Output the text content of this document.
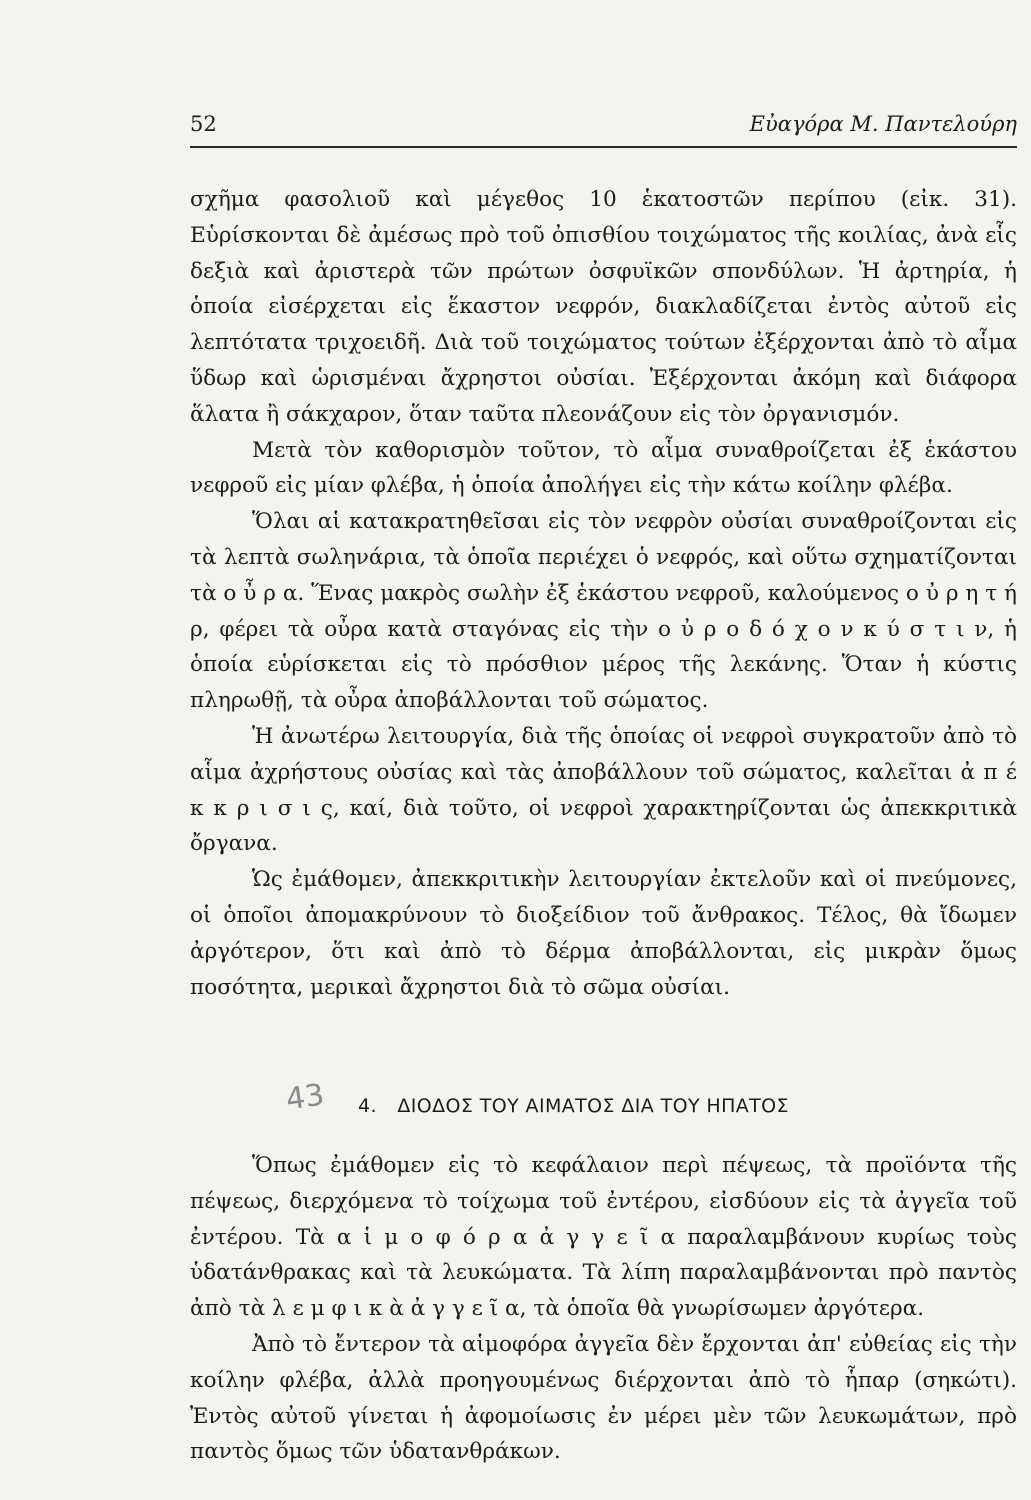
52	Εὐαγόρα Μ. Παντελούρη

σχῆμα φασολιοῦ καὶ μέγεθος 10 ἑκατοστῶν περίπου (εἰκ. 31). Εὑρίσκονται δὲ ἀμέσως πρὸ τοῦ ὀπισθίου τοιχώματος τῆς κοιλίας, ἀνὰ εἷς δεξιὰ καὶ ἀριστερὰ τῶν πρώτων ὀσφυϊκῶν σπονδύλων. Ἡ ἀρτηρία, ἡ ὁποία εἰσέρχεται εἰς ἕκαστον νεφρόν, διακλαδίζεται ἐντὸς αὐτοῦ εἰς λεπτότατα τριχοειδῆ. Διὰ τοῦ τοιχώματος τούτων ἐξέρχονται ἀπὸ τὸ αἷμα ὕδωρ καὶ ὡρισμέναι ἄχρηστοι οὐσίαι. Ἐξέρχονται ἀκόμη καὶ διάφορα ἅλατα ἢ σάκχαρον, ὅταν ταῦτα πλεονάζουν εἰς τὸν ὀργανισμόν.

Μετὰ τὸν καθορισμὸν τοῦτον, τὸ αἷμα συναθροίζεται ἐξ ἑκάστου νεφροῦ εἰς μίαν φλέβα, ἡ ὁποία ἀπολήγει εἰς τὴν κάτω κοίλην φλέβα.

Ὅλαι αἱ κατακρατηθεῖσαι εἰς τὸν νεφρὸν οὐσίαι συναθροίζονται εἰς τὰ λεπτὰ σωληνάρια, τὰ ὁποῖα περιέχει ὁ νεφρός, καὶ οὕτω σχηματίζονται τὰ ο ὖ ρ α. Ἕνας μακρὸς σωλὴν ἐξ ἑκάστου νεφροῦ, καλούμενος ο ὐ ρ η τ ή ρ, φέρει τὰ οὖρα κατὰ σταγόνας εἰς τὴν ο ὐ ρ ο δ ό χ ο ν κ ύ σ τ ι ν, ἡ ὁποία εὑρίσκεται εἰς τὸ πρόσθιον μέρος τῆς λεκάνης. Ὅταν ἡ κύστις πληρωθῇ, τὰ οὖρα ἀποβάλλονται τοῦ σώματος.

Ἡ ἀνωτέρω λειτουργία, διὰ τῆς ὁποίας οἱ νεφροὶ συγκρατοῦν ἀπὸ τὸ αἷμα ἀχρήστους οὐσίας καὶ τὰς ἀποβάλλουν τοῦ σώματος, καλεῖται ἀ π έ κ κ ρ ι σ ι ς, καί, διὰ τοῦτο, οἱ νεφροὶ χαρακτηρίζονται ὡς ἀπεκκριτικὰ ὄργανα.

Ὡς ἐμάθομεν, ἀπεκκριτικὴν λειτουργίαν ἐκτελοῦν καὶ οἱ πνεύμονες, οἱ ὁποῖοι ἀπομακρύνουν τὸ διοξείδιον τοῦ ἄνθρακος. Τέλος, θὰ ἴδωμεν ἀργότερον, ὅτι καὶ ἀπὸ τὸ δέρμα ἀποβάλλονται, εἰς μικρὰν ὅμως ποσότητα, μερικαὶ ἄχρηστοι διὰ τὸ σῶμα οὐσίαι.

43 4. ΔΙΟΔΟΣ ΤΟΥ ΑΙΜΑΤΟΣ ΔΙΑ ΤΟΥ ΗΠΑΤΟΣ

Ὅπως ἐμάθομεν εἰς τὸ κεφάλαιον περὶ πέψεως, τὰ προϊόντα τῆς πέψεως, διερχόμενα τὸ τοίχωμα τοῦ ἐντέρου, εἰσδύουν εἰς τὰ ἀγγεῖα τοῦ ἐντέρου. Τὰ α ἱ μ ο φ ό ρ α ἀ γ γ ε ῖ α παραλαμβάνουν κυρίως τοὺς ὑδατάνθρακας καὶ τὰ λευκώματα. Τὰ λίπη παραλαμβάνονται πρὸ παντὸς ἀπὸ τὰ λ ε μ φ ι κ ὰ ἀ γ γ ε ῖ α, τὰ ὁποῖα θὰ γνωρίσωμεν ἀργότερα.

Ἀπὸ τὸ ἔντερον τὰ αἱμοφόρα ἀγγεῖα δὲν ἔρχονται ἀπ' εὐθείας εἰς τὴν κοίλην φλέβα, ἀλλὰ προηγουμένως διέρχονται ἀπὸ τὸ ἧπαρ (σηκώτι). Ἐντὸς αὐτοῦ γίνεται ἡ ἀφομοίωσις ἐν μέρει μὲν τῶν λευκωμάτων, πρὸ παντὸς ὅμως τῶν ὑδατανθράκων.
